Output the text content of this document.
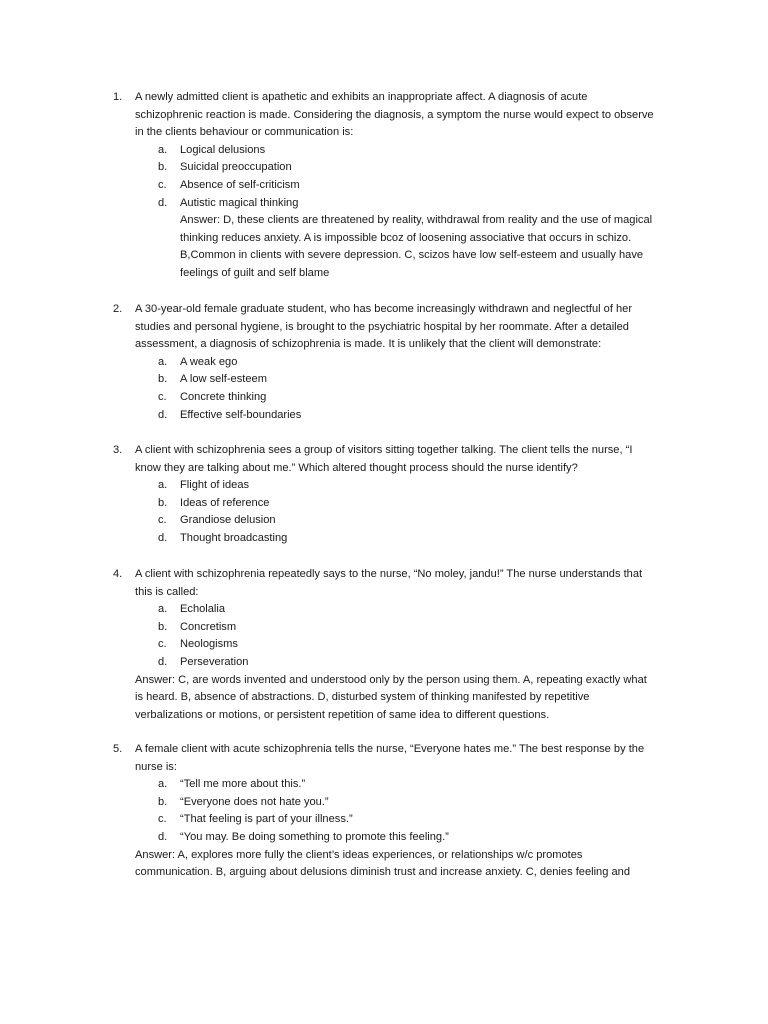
1. A newly admitted client is apathetic and exhibits an inappropriate affect. A diagnosis of acute
schizophrenic reaction is made. Considering the diagnosis, a symptom the nurse would expect to observe
in the clients behaviour or communication is:
a. Logical delusions
b. Suicidal preoccupation
c. Absence of self-criticism
d. Autistic magical thinking
Answer: D, these clients are threatened by reality, withdrawal from reality and the use of magical
thinking reduces anxiety. A is impossible bcoz of loosening associative that occurs in schizo.
B,Common in clients with severe depression. C, scizos have low self-esteem and usually have
feelings of guilt and self blame
2. A 30-year-old female graduate student, who has become increasingly withdrawn and neglectful of her
studies and personal hygiene, is brought to the psychiatric hospital by her roommate. After a detailed
assessment, a diagnosis of schizophrenia is made. It is unlikely that the client will demonstrate:
a. A weak ego
b. A low self-esteem
c. Concrete thinking
d. Effective self-boundaries
3. A client with schizophrenia sees a group of visitors sitting together talking. The client tells the nurse, “I
know they are talking about me.” Which altered thought process should the nurse identify?
a. Flight of ideas
b. Ideas of reference
c. Grandiose delusion
d. Thought broadcasting
4. A client with schizophrenia repeatedly says to the nurse, “No moley, jandu!” The nurse understands that
this is called:
a. Echolalia
b. Concretism
c. Neologisms
d. Perseveration
Answer: C, are words invented and understood only by the person using them. A, repeating exactly what
is heard. B, absence of abstractions. D, disturbed system of thinking manifested by repetitive
verbalizations or motions, or persistent repetition of same idea to different questions.
5. A female client with acute schizophrenia tells the nurse, “Everyone hates me.” The best response by the
nurse is:
a. “Tell me more about this.”
b. “Everyone does not hate you.”
c. “That feeling is part of your illness.”
d. “You may. Be doing something to promote this feeling.”
Answer: A, explores more fully the client’s ideas experiences, or relationships w/c promotes
communication. B, arguing about delusions diminish trust and increase anxiety. C, denies feeling and
